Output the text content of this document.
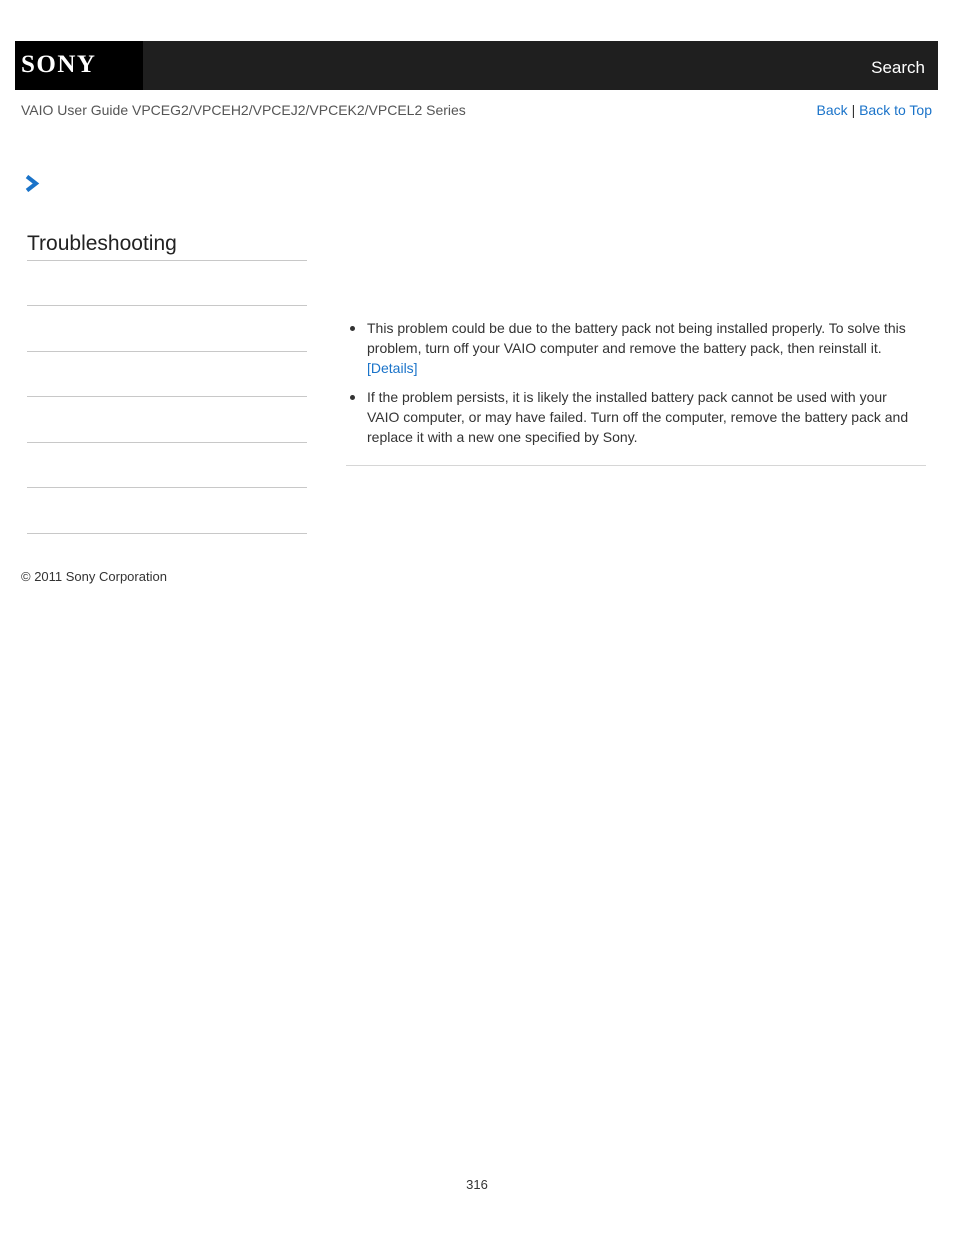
SONY	Search
VAIO User Guide VPCEG2/VPCEH2/VPCEJ2/VPCEK2/VPCEL2 Series	Back | Back to Top
Troubleshooting
This problem could be due to the battery pack not being installed properly. To solve this problem, turn off your VAIO computer and remove the battery pack, then reinstall it.
[Details]
If the problem persists, it is likely the installed battery pack cannot be used with your VAIO computer, or may have failed. Turn off the computer, remove the battery pack and replace it with a new one specified by Sony.
© 2011 Sony Corporation
316
